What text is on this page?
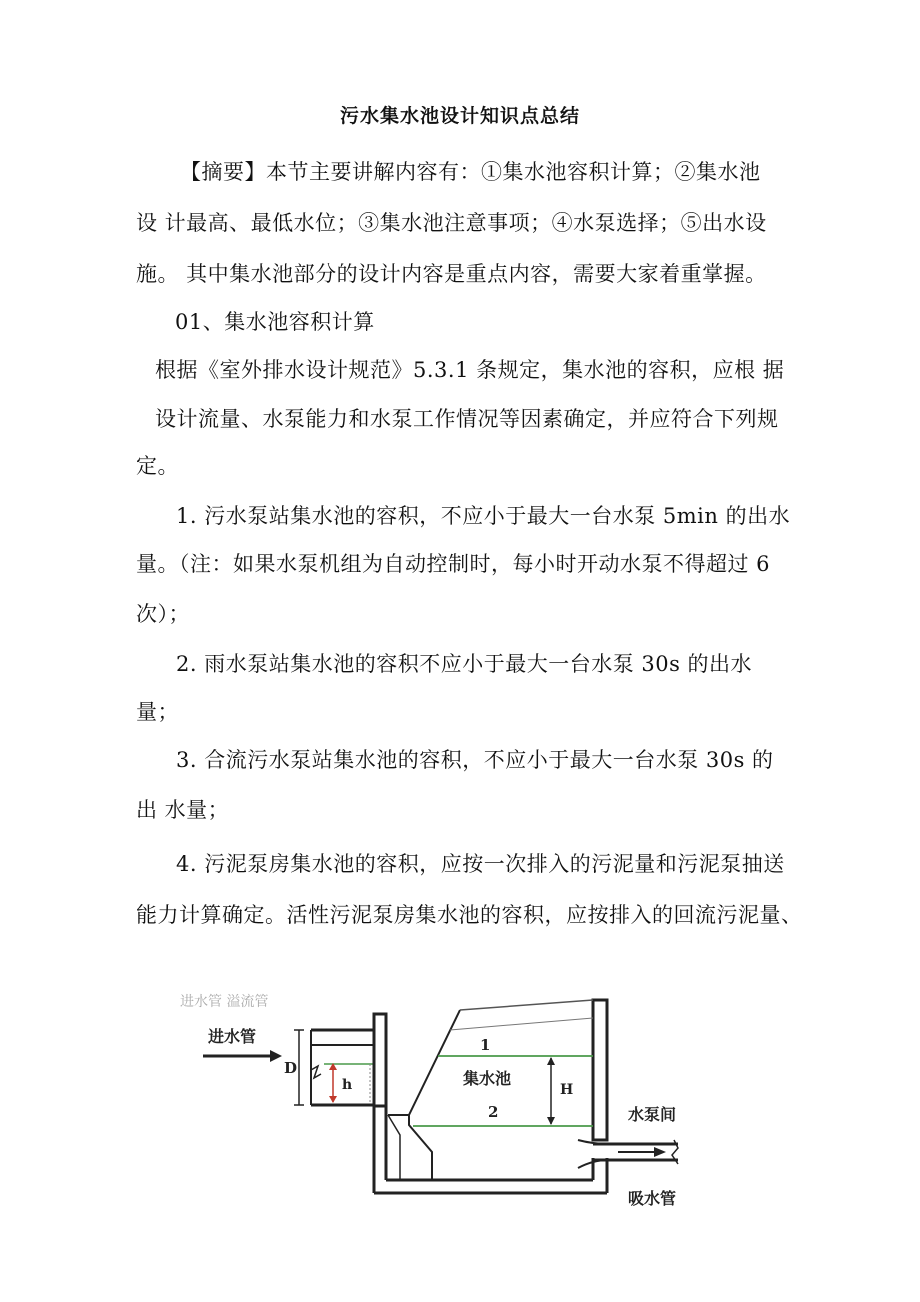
污水集水池设计知识点总结
【摘要】本节主要讲解内容有：①集水池容积计算；②集水池
设 计最高、最低水位；③集水池注意事项；④水泵选择；⑤出水设
施。 其中集水池部分的设计内容是重点内容，需要大家着重掌握。
01、集水池容积计算
根据《室外排水设计规范》5.3.1 条规定，集水池的容积，应根 据
设计流量、水泵能力和水泵工作情况等因素确定，并应符合下列规
定。
1. 污水泵站集水池的容积，不应小于最大一台水泵 5min 的出水
量。（注：如果水泵机组为自动控制时，每小时开动水泵不得超过 6
次）；
2. 雨水泵站集水池的容积不应小于最大一台水泵 30s 的出水
量；
3. 合流污水泵站集水池的容积，不应小于最大一台水泵 30s 的
出 水量；
4. 污泥泵房集水池的容积，应按一次排入的污泥量和污泥泵抽送
能力计算确定。活性污泥泵房集水池的容积，应按排入的回流污泥量、
进水管 溢流管
进水管
D
h
1
集水池
2
H
水泵间
吸水管
